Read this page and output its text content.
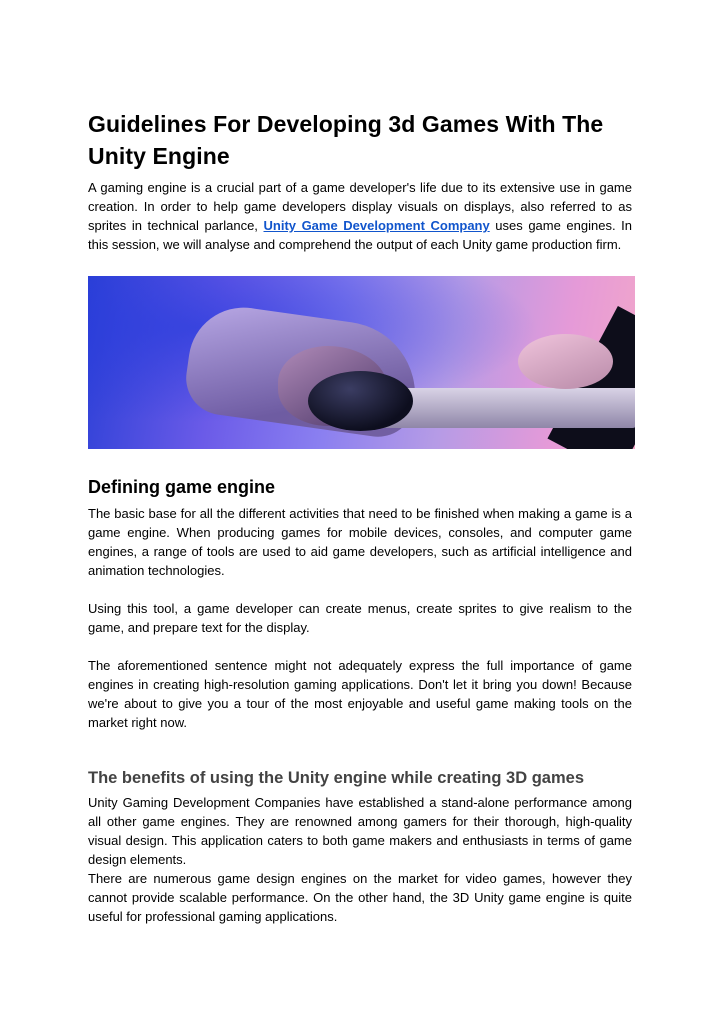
Guidelines For Developing 3d Games With The Unity Engine

A gaming engine is a crucial part of a game developer's life due to its extensive use in game creation. In order to help game developers display visuals on displays, also referred to as sprites in technical parlance, Unity Game Development Company uses game engines. In this session, we will analyse and comprehend the output of each Unity game production firm.

Defining game engine

The basic base for all the different activities that need to be finished when making a game is a game engine. When producing games for mobile devices, consoles, and computer game engines, a range of tools are used to aid game developers, such as artificial intelligence and animation technologies.

Using this tool, a game developer can create menus, create sprites to give realism to the game, and prepare text for the display.

The aforementioned sentence might not adequately express the full importance of game engines in creating high-resolution gaming applications. Don't let it bring you down! Because we're about to give you a tour of the most enjoyable and useful game making tools on the market right now.

The benefits of using the Unity engine while creating 3D games

Unity Gaming Development Companies have established a stand-alone performance among all other game engines. They are renowned among gamers for their thorough, high-quality visual design. This application caters to both game makers and enthusiasts in terms of game design elements.

There are numerous game design engines on the market for video games, however they cannot provide scalable performance. On the other hand, the 3D Unity game engine is quite useful for professional gaming applications.
